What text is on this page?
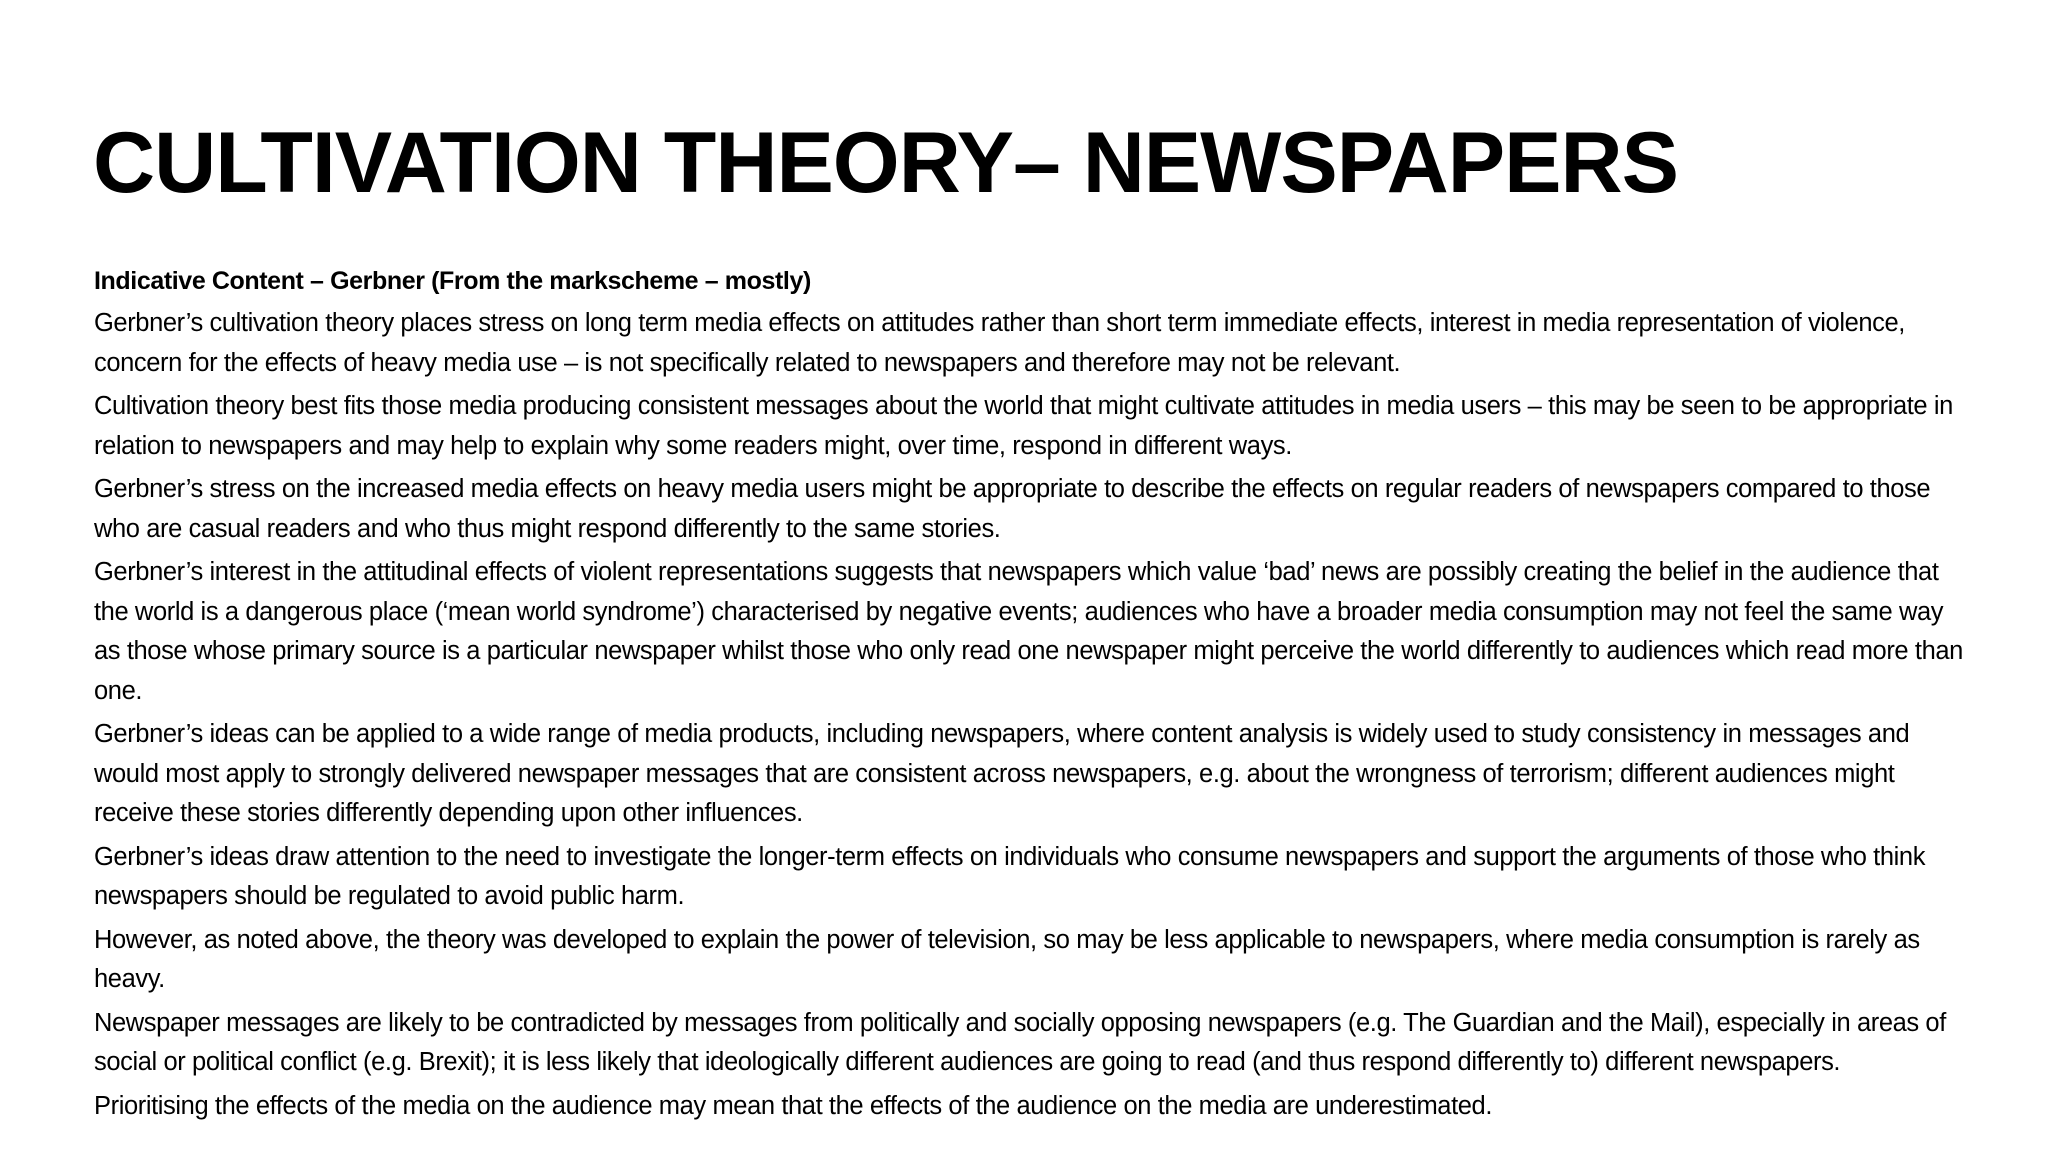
CULTIVATION THEORY– NEWSPAPERS

Indicative Content – Gerbner (From the markscheme – mostly)

Gerbner’s cultivation theory places stress on long term media effects on attitudes rather than short term immediate effects, interest in media representation of violence, concern for the effects of heavy media use – is not specifically related to newspapers and therefore may not be relevant.

Cultivation theory best fits those media producing consistent messages about the world that might cultivate attitudes in media users – this may be seen to be appropriate in relation to newspapers and may help to explain why some readers might, over time, respond in different ways.

Gerbner’s stress on the increased media effects on heavy media users might be appropriate to describe the effects on regular readers of newspapers compared to those who are casual readers and who thus might respond differently to the same stories.

Gerbner’s interest in the attitudinal effects of violent representations suggests that newspapers which value ‘bad’ news are possibly creating the belief in the audience that the world is a dangerous place (‘mean world syndrome’) characterised by negative events; audiences who have a broader media consumption may not feel the same way as those whose primary source is a particular newspaper whilst those who only read one newspaper might perceive the world differently to audiences which read more than one.

Gerbner’s ideas can be applied to a wide range of media products, including newspapers, where content analysis is widely used to study consistency in messages and would most apply to strongly delivered newspaper messages that are consistent across newspapers, e.g. about the wrongness of terrorism; different audiences might receive these stories differently depending upon other influences.

Gerbner’s ideas draw attention to the need to investigate the longer-term effects on individuals who consume newspapers and support the arguments of those who think newspapers should be regulated to avoid public harm.

However, as noted above, the theory was developed to explain the power of television, so may be less applicable to newspapers, where media consumption is rarely as heavy.

Newspaper messages are likely to be contradicted by messages from politically and socially opposing newspapers (e.g. The Guardian and the Mail), especially in areas of social or political conflict (e.g. Brexit); it is less likely that ideologically different audiences are going to read (and thus respond differently to) different newspapers.

Prioritising the effects of the media on the audience may mean that the effects of the audience on the media are underestimated.
